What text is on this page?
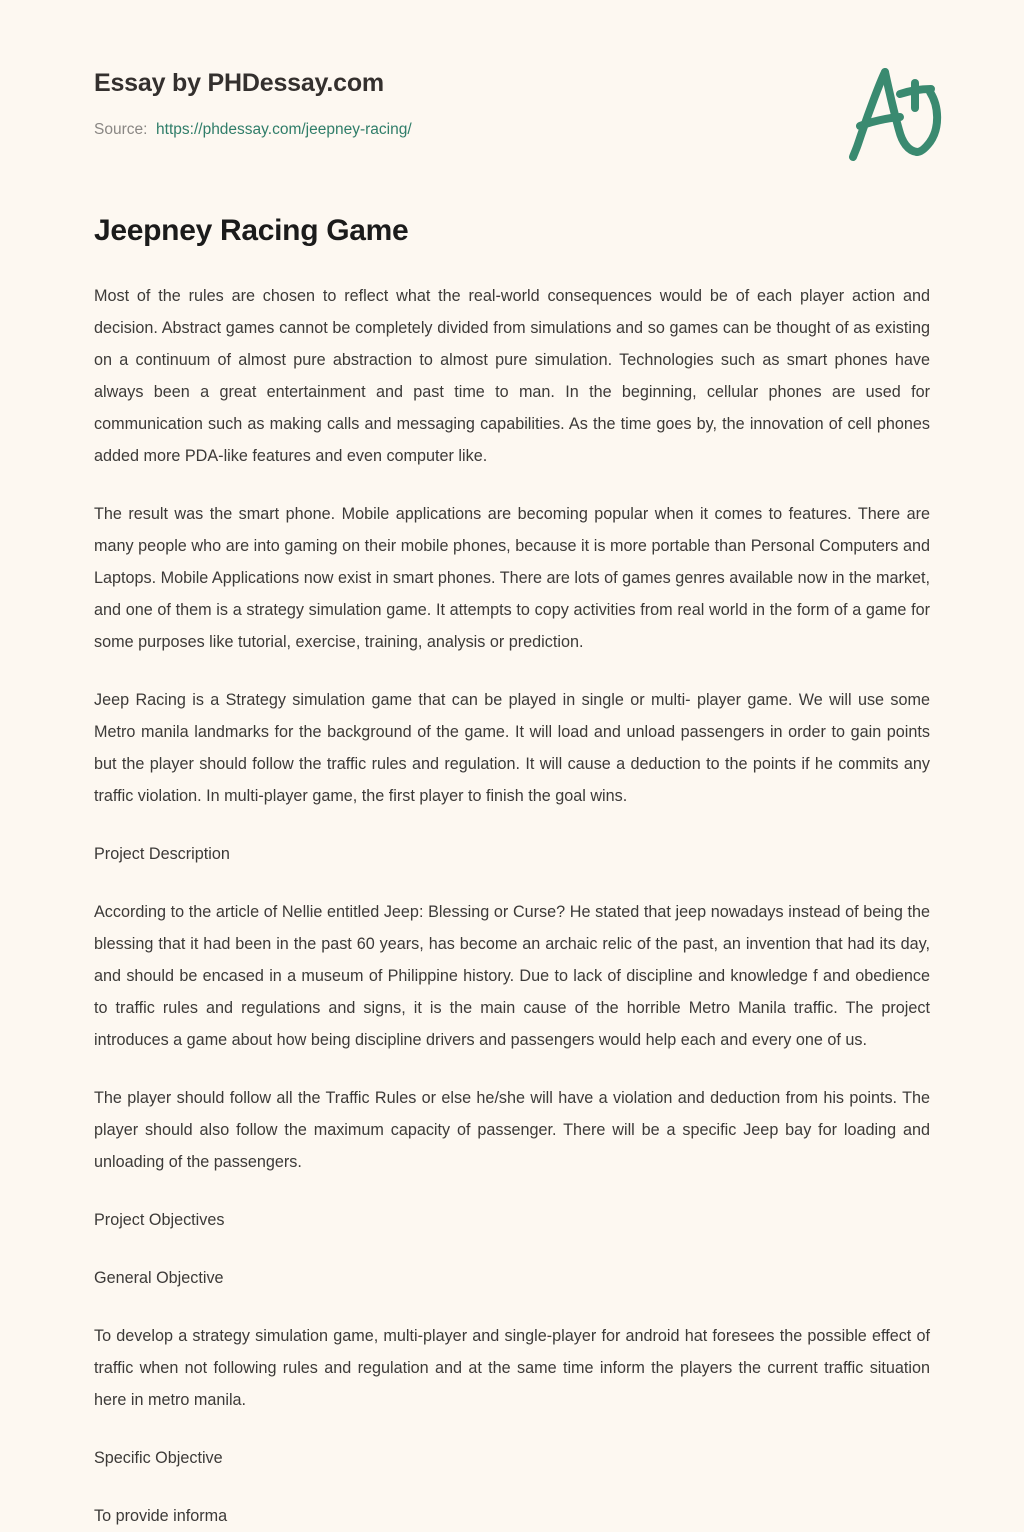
Essay by PHDessay.com
Source: https://phdessay.com/jeepney-racing/
Jeepney Racing Game

Most of the rules are chosen to reflect what the real-world consequences would be of each player action and decision. Abstract games cannot be completely divided from simulations and so games can be thought of as existing on a continuum of almost pure abstraction to almost pure simulation. Technologies such as smart phones have always been a great entertainment and past time to man. In the beginning, cellular phones are used for communication such as making calls and messaging capabilities. As the time goes by, the innovation of cell phones added more PDA-like features and even computer like.

The result was the smart phone. Mobile applications are becoming popular when it comes to features. There are many people who are into gaming on their mobile phones, because it is more portable than Personal Computers and Laptops. Mobile Applications now exist in smart phones. There are lots of games genres available now in the market, and one of them is a strategy simulation game. It attempts to copy activities from real world in the form of a game for some purposes like tutorial, exercise, training, analysis or prediction.

Jeep Racing is a Strategy simulation game that can be played in single or multi- player game. We will use some Metro manila landmarks for the background of the game. It will load and unload passengers in order to gain points but the player should follow the traffic rules and regulation. It will cause a deduction to the points if he commits any traffic violation. In multi-player game, the first player to finish the goal wins.

Project Description

According to the article of Nellie entitled Jeep: Blessing or Curse? He stated that jeep nowadays instead of being the blessing that it had been in the past 60 years, has become an archaic relic of the past, an invention that had its day, and should be encased in a museum of Philippine history. Due to lack of discipline and knowledge f and obedience to traffic rules and regulations and signs, it is the main cause of the horrible Metro Manila traffic. The project introduces a game about how being discipline drivers and passengers would help each and every one of us.

The player should follow all the Traffic Rules or else he/she will have a violation and deduction from his points. The player should also follow the maximum capacity of passenger. There will be a specific Jeep bay for loading and unloading of the passengers.

Project Objectives

General Objective

To develop a strategy simulation game, multi-player and single-player for android hat foresees the possible effect of traffic when not following rules and regulation and at the same time inform the players the current traffic situation here in metro manila.

Specific Objective

To provide informa
